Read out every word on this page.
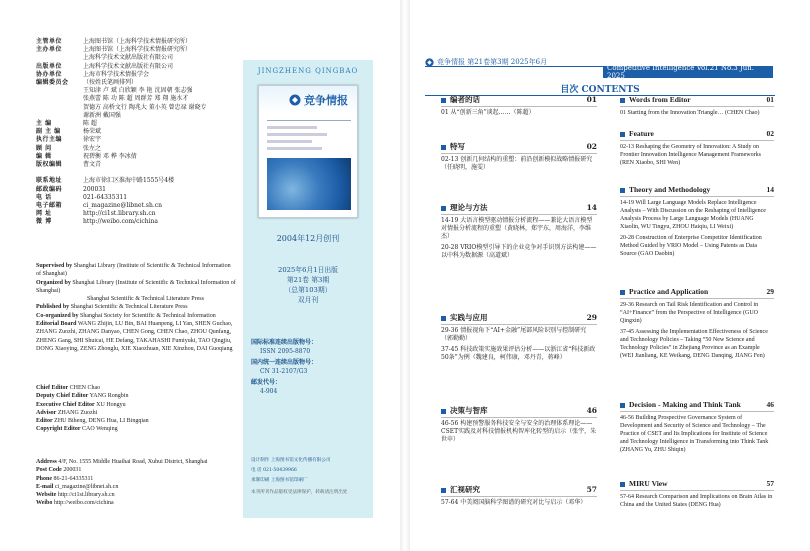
主管单位	上海图书馆（上海科学技术情报研究所）
主办单位	上海图书馆（上海科学技术情报研究所）
上海科学技术文献出版社有限公司
出版单位	上海科学技术文献出版社有限公司
协办单位	上海市科学技术情报学会
编辑委员会	（按姓氏笔画排列）
王知津 卢 斌 白欣颖 李 艳 沈固朝 张志强
张燕蕾 陈 功 陈 超 周群芳 郑 翔 施水才
贺德方 高桥文行 陶兆大 董小英 曾忠禄 谢晓专
谢新洲 戴国强
主 编	陈 超
副 主 编	杨荣斌
执行主编	徐宏宇
顾 问	张左之
编 辑	祝碧衡 邓 桦 李冰倩
版权编辑	曹文青
联系地址	上海市徐汇区淮海中路1555号4楼
邮政编码	200031
电 话	021-64335311
电子邮箱	ci_magazine@libnet.sh.cn
网 址	http://ci1st.library.sh.cn
微 博	http://weibo.com/cichina
Supervised by Shanghai Library (Institute of Scientific & Technical Information of Shanghai)
Organized by Shanghai Library (Institute of Scientific & Technical Information of Shanghai)
Shanghai Scientific & Technical Literature Press
Published by Shanghai Scientific & Technical Literature Press
Co-organized by Shanghai Society for Scientific & Technical Information
Editorial Board WANG Zhijin, LU Bin, BAI Huanpeng, LI Yan, SHEN Guchao, ZHANG Zuozhi, ZHANG Danyao, CHEN Gong, CHEN Chao, ZHOU Qunfang, ZHENG Gang, SHI Shuicai, HE Defang, TAKAHASHI Fumiyuki, TAO Qingjiu, DONG Xiaoying, ZENG Zhonglu, XIE Xiaozhuan, XIE Xinzhou, DAI Guoqiang
Chief Editor CHEN Chao
Deputy Chief Editor YANG Rongbin
Executive Chief Editor XU Hongyu
Advisor ZHANG Zuozhi
Editor ZHU Biheng, DENG Hua, LI Bingqian
Copyright Editor CAO Wenqing
Address 4/F, No. 1555 Middle Huaihai Road, Xuhui District, Shanghai
Post Code 200031
Phone 86-21-64335311
E-mail ci_magazine@libnet.sh.cn
Website http://ci1st.library.sh.cn
Weibo http://weibo.com/cichina
JINGZHENG QINGBAO
竞争情报
2004年12月创刊
2025年6月1日出版
第21卷 第3期
（总第103期）
双月刊
国际标准连续出版物号：
ISSN 2095-8870
国内统一连续出版物号：
CN 31-2107/G3
邮发代号：
4-904
设计制作 上海图书馆文化传播有限公司
电 话 021-50439966
承制印刷 上海图书馆印刷厂
本刊所刊作品版权受法律保护，转载请注明出处
竞争情报 第21卷第3期 2025年6月
Competitive Intelligence Vol.21 No.3 Jun. 2025
目次 CONTENTS
编者的话	01
01 从“创新三角”谈起……（陈超）
特写	02
02-13 创新几何结构的重塑：前沿创新模拟战略情报研究（任晓明，施雯）
理论与方法	14
14-19 大语言模型驱动情报分析流程——兼论大语言模型对情报分析流程的重塑（黄晓林，郑宇东，周海洋，李维杰）
20-28 VRIO模型引导下的企业竞争对手识别方法构建——以中科为数据源（高道斌）
实践与应用	29
29-36 情报视角下“AI+金融”尾部风险识别与控制研究（郭勤勤）
37-45 科技政策实施效果评估分析——以浙江省“科技新政50条”为例（魏建良，柯伟康，邓丹青，蒋峰）
决策与智库	46
46-56 构建预警服务科技安全与安全的治理体系理论——CSET实践及对科技情报机构智库化转型的启示（张宇，朱世申）
汇视研究	57
57-64 中美阅国脑科学图谱的研究对比与启示（邓华）
Words from Editor	01
01 Starting from the Innovation Triangle… (CHEN Chao)
Feature	02
02-13 Reshaping the Geometry of Innovation: A Study on Frontier Innovation Intelligence Management Frameworks (REN Xiaobo, SHI Wen)
Theory and Methodology	14
14-19 Will Large Language Models Replace Intelligence Analysts – With Discussion on the Reshaping of Intelligence Analysis Process by Large Language Models (HUANG Xiaolin, WU Tingyu, ZHOU Haiqiu, LI Weixi)
20-28 Construction of Enterprise Competitor Identification Method Guided by VRIO Model – Using Patents as Data Source (GAO Daobin)
Practice and Application	29
29-36 Research on Tail Risk Identification and Control in “AI+Finance” from the Perspective of Intelligence (GUO Qingxin)
37-45 Assessing the Implementation Effectiveness of Science and Technology Policies – Taking “50 New Science and Technology Policies” in Zhejiang Province as an Example (WEI Jianliang, KE Weikang, DENG Danqing, JIANG Fen)
Decision - Making and Think Tank	46
46-56 Building Prospective Governance System of Development and Security of Science and Technology – The Practice of CSET and Its Implications for Institute of Science and Technology Intelligence in Transforming into Think Tank (ZHANG Yu, ZHU Shiqin)
MIRU View	57
57-64 Research Comparison and Implications on Brain Atlas in China and the United States (DENG Hua)
